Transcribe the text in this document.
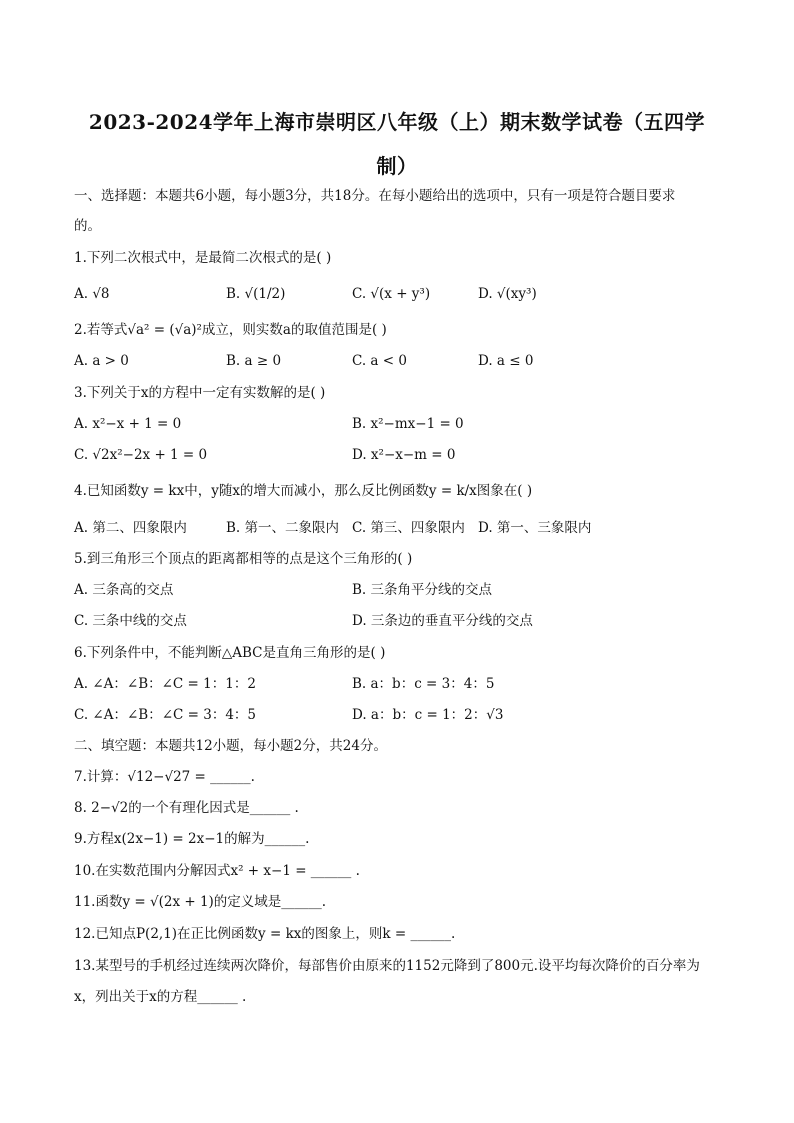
2023-2024学年上海市崇明区八年级（上）期末数学试卷（五四学
制）
一、选择题：本题共6小题，每小题3分，共18分。在每小题给出的选项中，只有一项是符合题目要求
的。
1.下列二次根式中，是最简二次根式的是( )
A. √8	B. √(1/2)	C. √(x + y³)	D. √(xy³)
2.若等式√a² = (√a)²成立，则实数a的取值范围是( )
A. a > 0	B. a ≥ 0	C. a < 0	D. a ≤ 0
3.下列关于x的方程中一定有实数解的是( )
A. x²−x + 1 = 0	B. x²−mx−1 = 0
C. √2x²−2x + 1 = 0	D. x²−x−m = 0
4.已知函数y = kx中，y随x的增大而减小，那么反比例函数y = k/x图象在( )
A. 第二、四象限内	B. 第一、二象限内 C. 第三、四象限内 D. 第一、三象限内
5.到三角形三个顶点的距离都相等的点是这个三角形的( )
A. 三条高的交点	B. 三条角平分线的交点
C. 三条中线的交点	D. 三条边的垂直平分线的交点
6.下列条件中，不能判断△ABC是直角三角形的是( )
A. ∠A：∠B：∠C = 1：1：2	B. a：b：c = 3：4：5
C. ∠A：∠B：∠C = 3：4：5	D. a：b：c = 1：2：√3
二、填空题：本题共12小题，每小题2分，共24分。
7.计算：√12−√27 = ______.
8. 2−√2的一个有理化因式是______ .
9.方程x(2x−1) = 2x−1的解为______.
10.在实数范围内分解因式x² + x−1 = ______ .
11.函数y = √(2x + 1)的定义域是______.
12.已知点P(2,1)在正比例函数y = kx的图象上，则k = ______.
13.某型号的手机经过连续两次降价，每部售价由原来的1152元降到了800元.设平均每次降价的百分率为
x，列出关于x的方程______ .
